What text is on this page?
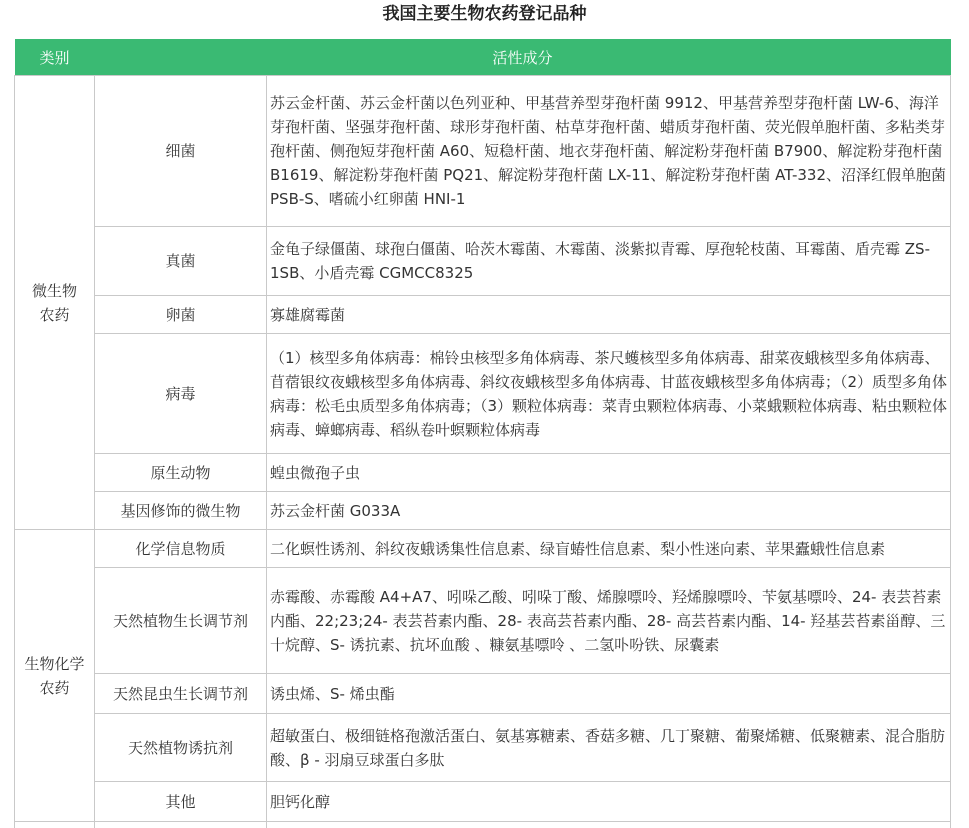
我国主要生物农药登记品种
类别	活性成分	

微生物
农药	细菌	苏云金杆菌、苏云金杆菌以色列亚种、甲基营养型芽孢杆菌 9912、甲基营养型芽孢杆菌 LW-6、海洋芽孢杆菌、坚强芽孢杆菌、球形芽孢杆菌、枯草芽孢杆菌、蜡质芽孢杆菌、荧光假单胞杆菌、多粘类芽孢杆菌、侧孢短芽孢杆菌 A60、短稳杆菌、地衣芽孢杆菌、解淀粉芽孢杆菌 B7900、解淀粉芽孢杆菌 B1619、解淀粉芽孢杆菌 PQ21、解淀粉芽孢杆菌 LX-11、解淀粉芽孢杆菌 AT-332、沼泽红假单胞菌 PSB-S、嗜硫小红卵菌 HNI-1
	真菌	金龟子绿僵菌、球孢白僵菌、哈茨木霉菌、木霉菌、淡紫拟青霉、厚孢轮枝菌、耳霉菌、盾壳霉 ZS-1SB、小盾壳霉 CGMCC8325
	卵菌	寡雄腐霉菌
	病毒	（1）核型多角体病毒：棉铃虫核型多角体病毒、茶尺蠖核型多角体病毒、甜菜夜蛾核型多角体病毒、苜蓿银纹夜蛾核型多角体病毒、斜纹夜蛾核型多角体病毒、甘蓝夜蛾核型多角体病毒；（2）质型多角体病毒：松毛虫质型多角体病毒；（3）颗粒体病毒：菜青虫颗粒体病毒、小菜蛾颗粒体病毒、粘虫颗粒体病毒、蟑螂病毒、稻纵卷叶螟颗粒体病毒
	原生动物	蝗虫微孢子虫
	基因修饰的微生物	苏云金杆菌 G033A

生物化学
农药	化学信息物质	二化螟性诱剂、斜纹夜蛾诱集性信息素、绿盲蝽性信息素、梨小性迷向素、苹果蠹蛾性信息素
	天然植物生长调节剂	赤霉酸、赤霉酸 A4+A7、吲哚乙酸、吲哚丁酸、烯腺嘌呤、羟烯腺嘌呤、苄氨基嘌呤、24- 表芸苔素内酯、22;23;24- 表芸苔素内酯、28- 表高芸苔素内酯、28- 高芸苔素内酯、14- 羟基芸苔素甾醇、三十烷醇、S- 诱抗素、抗坏血酸 、糠氨基嘌呤 、二氢卟吩铁、尿囊素
	天然昆虫生长调节剂	诱虫烯、S- 烯虫酯
	天然植物诱抗剂	超敏蛋白、极细链格孢激活蛋白、氨基寡糖素、香菇多糖、几丁聚糖、葡聚烯糖、低聚糖素、混合脂肪酸、β - 羽扇豆球蛋白多肽
	其他	胆钙化醇
